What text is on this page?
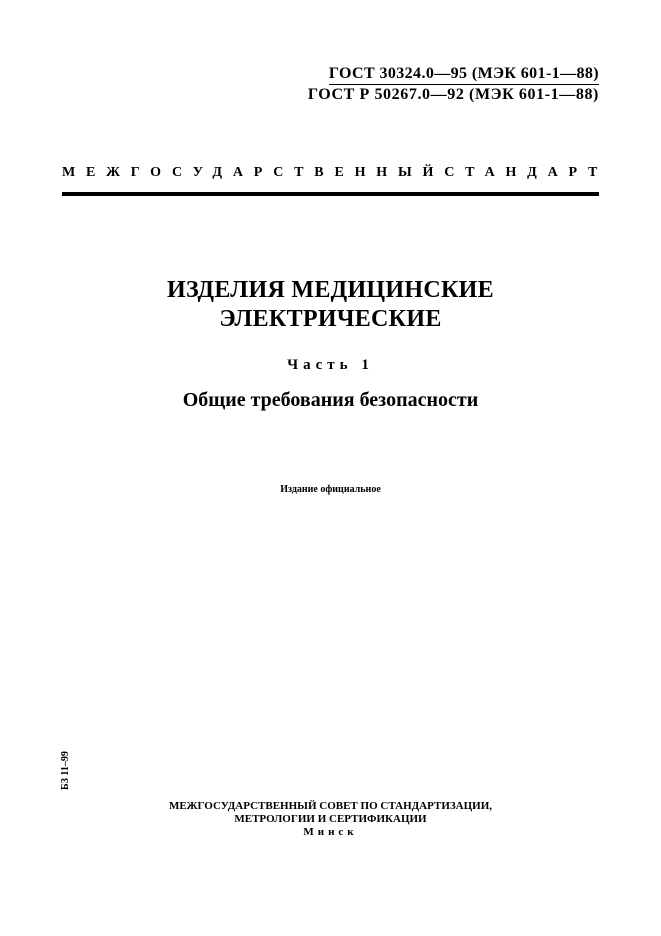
ГОСТ 30324.0—95 (МЭК 601-1—88)
ГОСТ Р 50267.0—92 (МЭК 601-1—88)
МЕЖГОСУДАРСТВЕННЫЙ СТАНДАРТ
ИЗДЕЛИЯ МЕДИЦИНСКИЕ
ЭЛЕКТРИЧЕСКИЕ
Часть 1
Общие требования безопасности
Издание официальное
БЗ 11–99
МЕЖГОСУДАРСТВЕННЫЙ СОВЕТ ПО СТАНДАРТИЗАЦИИ,
МЕТРОЛОГИИ И СЕРТИФИКАЦИИ
Минск
